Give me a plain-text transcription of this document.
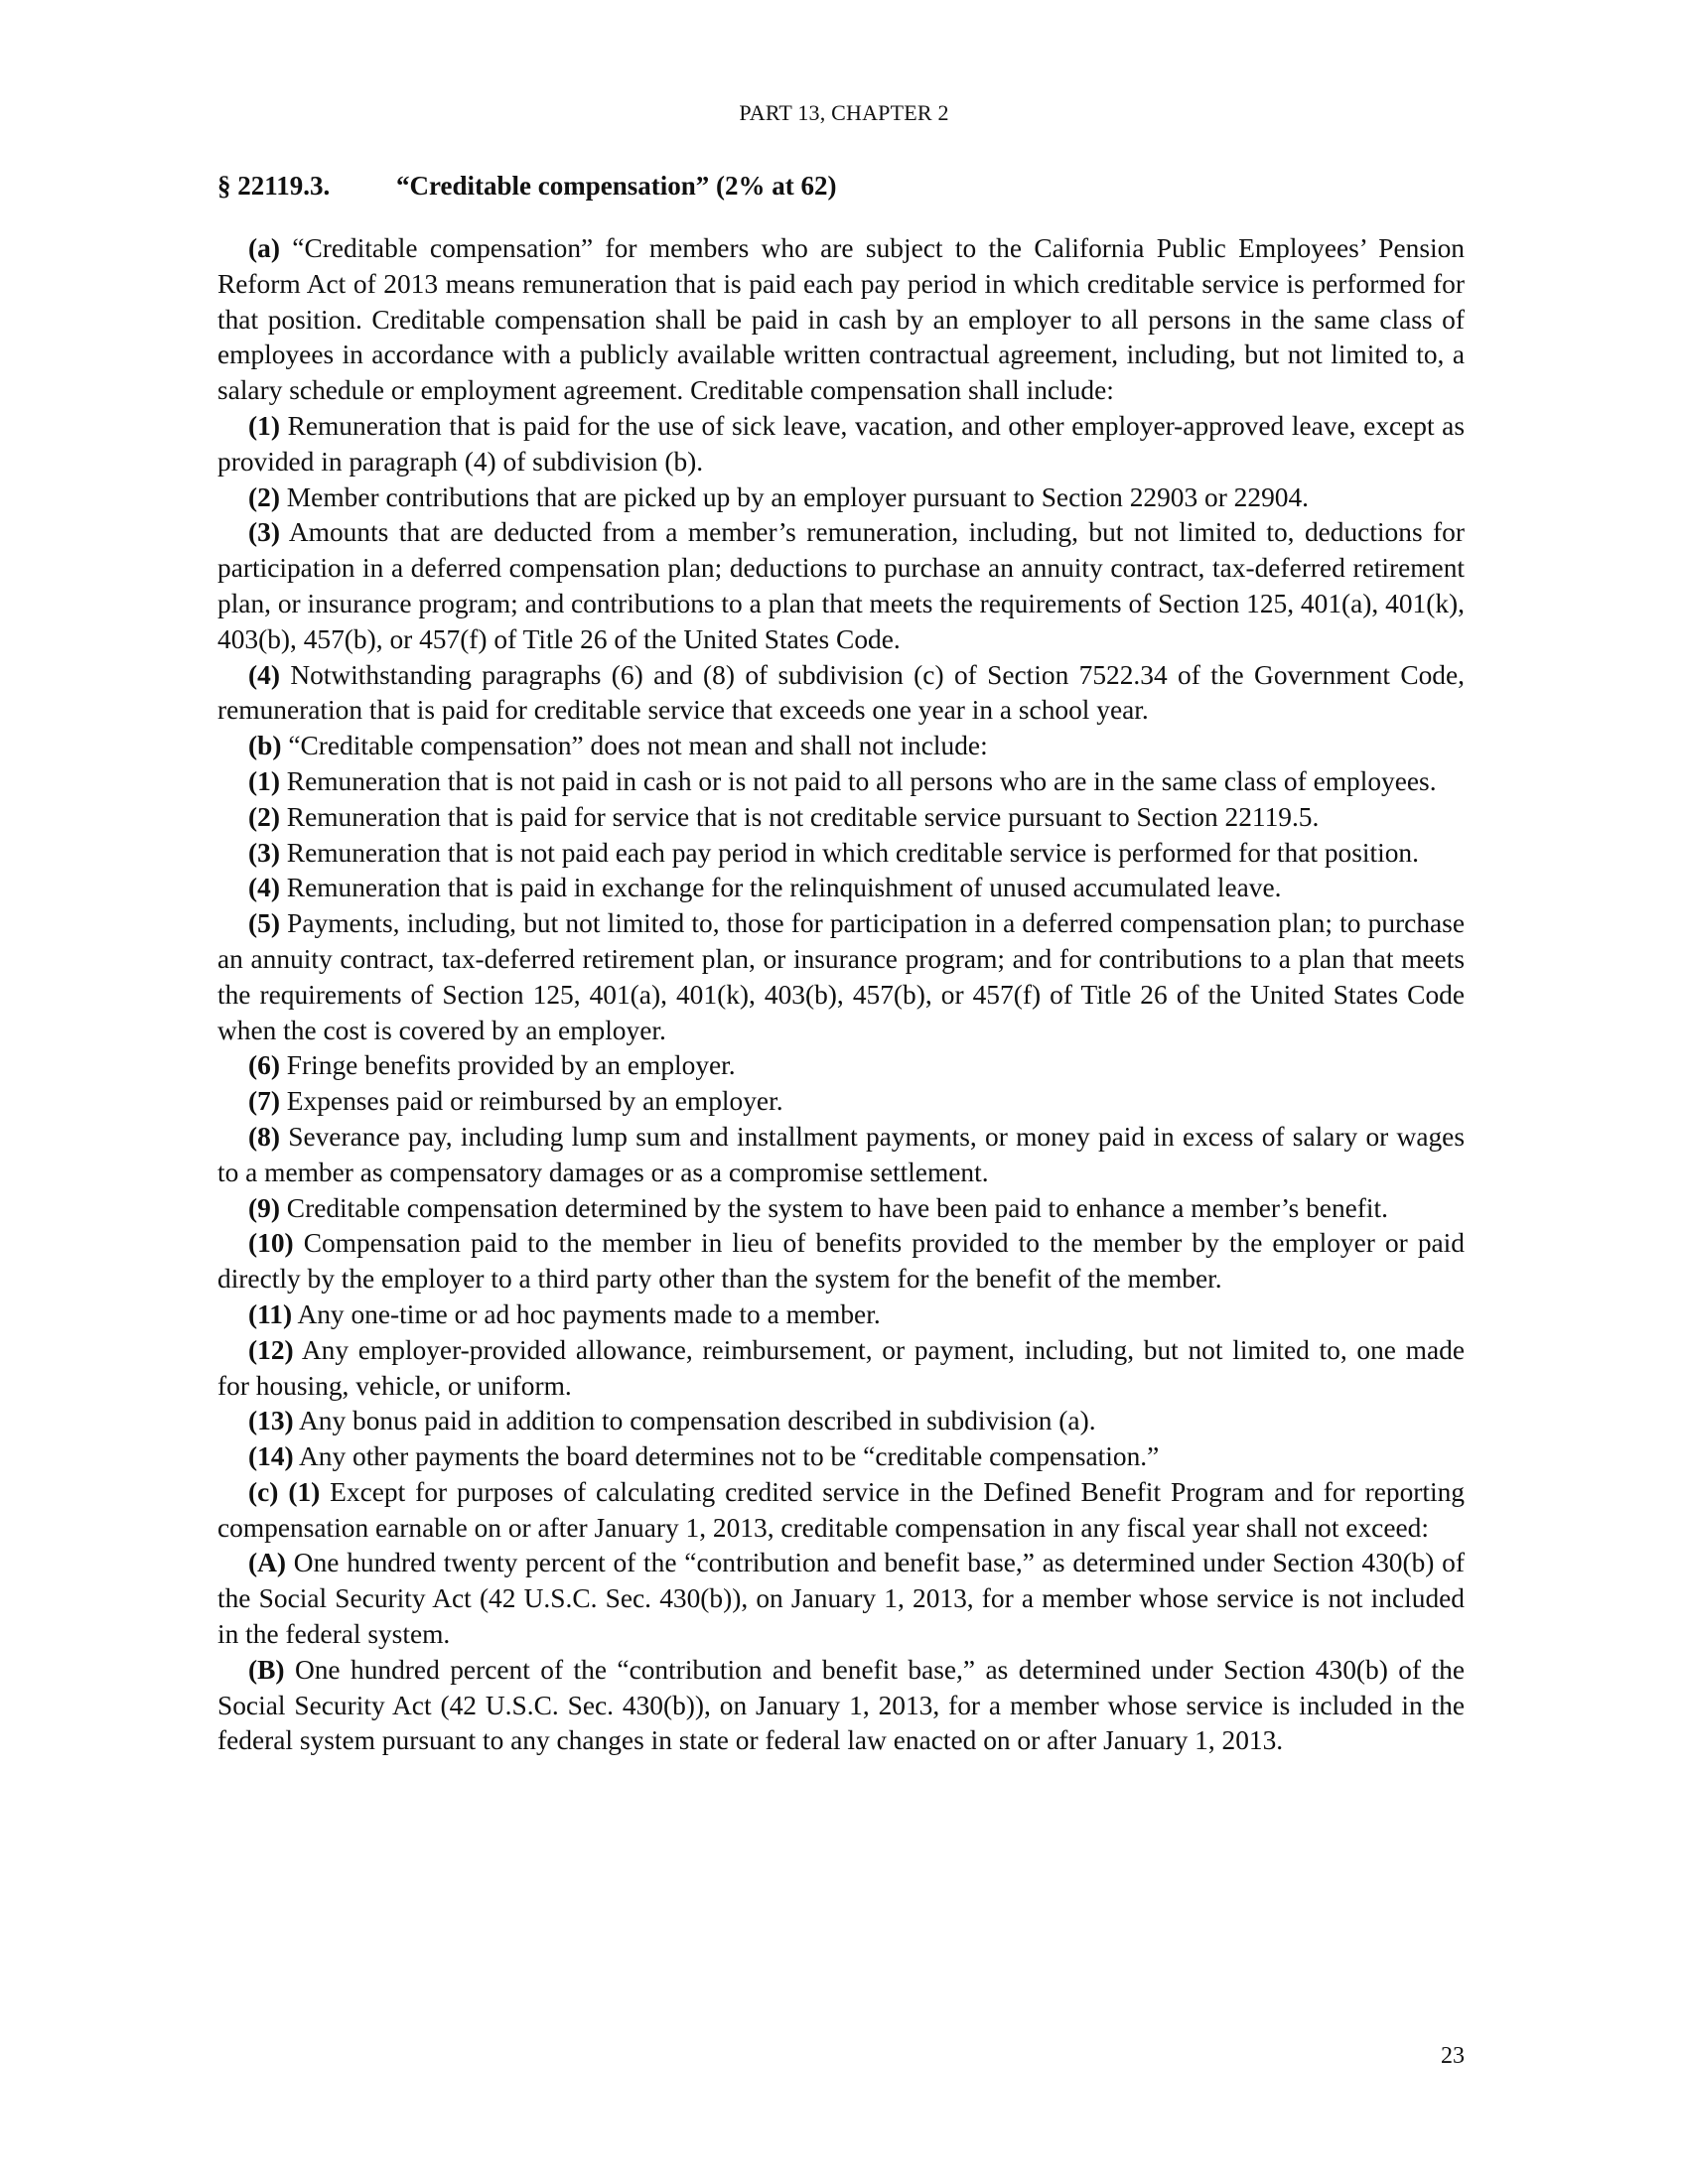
PART 13, CHAPTER 2
§ 22119.3. “Creditable compensation” (2% at 62)

(a) “Creditable compensation” for members who are subject to the California Public Employees’ Pension Reform Act of 2013 means remuneration that is paid each pay period in which creditable service is performed for that position. Creditable compensation shall be paid in cash by an employer to all persons in the same class of employees in accordance with a publicly available written contractual agreement, including, but not limited to, a salary schedule or employment agreement. Creditable compensation shall include:

(1) Remuneration that is paid for the use of sick leave, vacation, and other employer-approved leave, except as provided in paragraph (4) of subdivision (b).

(2) Member contributions that are picked up by an employer pursuant to Section 22903 or 22904.

(3) Amounts that are deducted from a member’s remuneration, including, but not limited to, deductions for participation in a deferred compensation plan; deductions to purchase an annuity contract, tax-deferred retirement plan, or insurance program; and contributions to a plan that meets the requirements of Section 125, 401(a), 401(k), 403(b), 457(b), or 457(f) of Title 26 of the United States Code.

(4) Notwithstanding paragraphs (6) and (8) of subdivision (c) of Section 7522.34 of the Government Code, remuneration that is paid for creditable service that exceeds one year in a school year.

(b) “Creditable compensation” does not mean and shall not include:

(1) Remuneration that is not paid in cash or is not paid to all persons who are in the same class of employees.

(2) Remuneration that is paid for service that is not creditable service pursuant to Section 22119.5.

(3) Remuneration that is not paid each pay period in which creditable service is performed for that position.

(4) Remuneration that is paid in exchange for the relinquishment of unused accumulated leave.

(5) Payments, including, but not limited to, those for participation in a deferred compensation plan; to purchase an annuity contract, tax-deferred retirement plan, or insurance program; and for contributions to a plan that meets the requirements of Section 125, 401(a), 401(k), 403(b), 457(b), or 457(f) of Title 26 of the United States Code when the cost is covered by an employer.

(6) Fringe benefits provided by an employer.

(7) Expenses paid or reimbursed by an employer.

(8) Severance pay, including lump sum and installment payments, or money paid in excess of salary or wages to a member as compensatory damages or as a compromise settlement.

(9) Creditable compensation determined by the system to have been paid to enhance a member’s benefit.

(10) Compensation paid to the member in lieu of benefits provided to the member by the employer or paid directly by the employer to a third party other than the system for the benefit of the member.

(11) Any one-time or ad hoc payments made to a member.

(12) Any employer-provided allowance, reimbursement, or payment, including, but not limited to, one made for housing, vehicle, or uniform.

(13) Any bonus paid in addition to compensation described in subdivision (a).

(14) Any other payments the board determines not to be “creditable compensation.”

(c) (1) Except for purposes of calculating credited service in the Defined Benefit Program and for reporting compensation earnable on or after January 1, 2013, creditable compensation in any fiscal year shall not exceed:

(A) One hundred twenty percent of the “contribution and benefit base,” as determined under Section 430(b) of the Social Security Act (42 U.S.C. Sec. 430(b)), on January 1, 2013, for a member whose service is not included in the federal system.

(B) One hundred percent of the “contribution and benefit base,” as determined under Section 430(b) of the Social Security Act (42 U.S.C. Sec. 430(b)), on January 1, 2013, for a member whose service is included in the federal system pursuant to any changes in state or federal law enacted on or after January 1, 2013.

23
